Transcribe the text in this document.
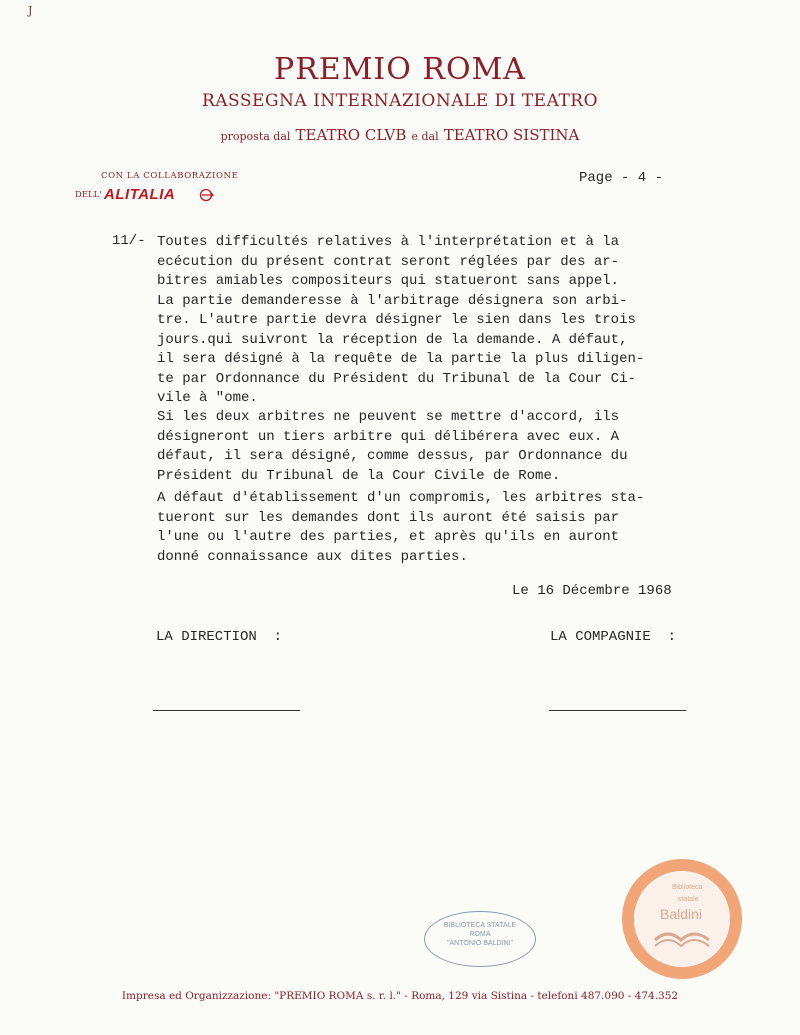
J
PREMIO ROMA
RASSEGNA INTERNAZIONALE DI TEATRO
proposta dal TEATRO CLVB e dal TEATRO SISTINA
CON LA COLLABORAZIONE
DELL' ALITALIA
Page - 4 -
11/- Toutes difficultés relatives à l'interprétation et à la
ecécution du présent contrat seront réglées par des ar-
bitres amiables compositeurs qui statueront sans appel.
La partie demanderesse à l'arbitrage désignera son arbi-
tre. L'autre partie devra désigner le sien dans les trois
jours.qui suivront la réception de la demande. A défaut,
il sera désigné à la requête de la partie la plus diligen-
te par Ordonnance du Président du Tribunal de la Cour Ci-
vile à "ome.
Si les deux arbitres ne peuvent se mettre d'accord, ils
désigneront un tiers arbitre qui délibérera avec eux. A
défaut, il sera désigné, comme dessus, par Ordonnance du
Président du Tribunal de la Cour Civile de Rome.
A défaut d'établissement d'un compromis, les arbitres sta-
tueront sur les demandes dont ils auront été saisis par
l'une ou l'autre des parties, et après qu'ils en auront
donné connaissance aux dites parties.
Le 16 Décembre 1968
LA DIRECTION  :	LA COMPAGNIE  :
BIBLIOTECA STATALE
ROMA
"ANTONIO BALDINI"
Biblioteca
statale
Baldini
Impresa ed Organizzazione: "PREMIO ROMA s. r. l." - Roma, 129 via Sistina - telefoni 487.090 - 474.352
